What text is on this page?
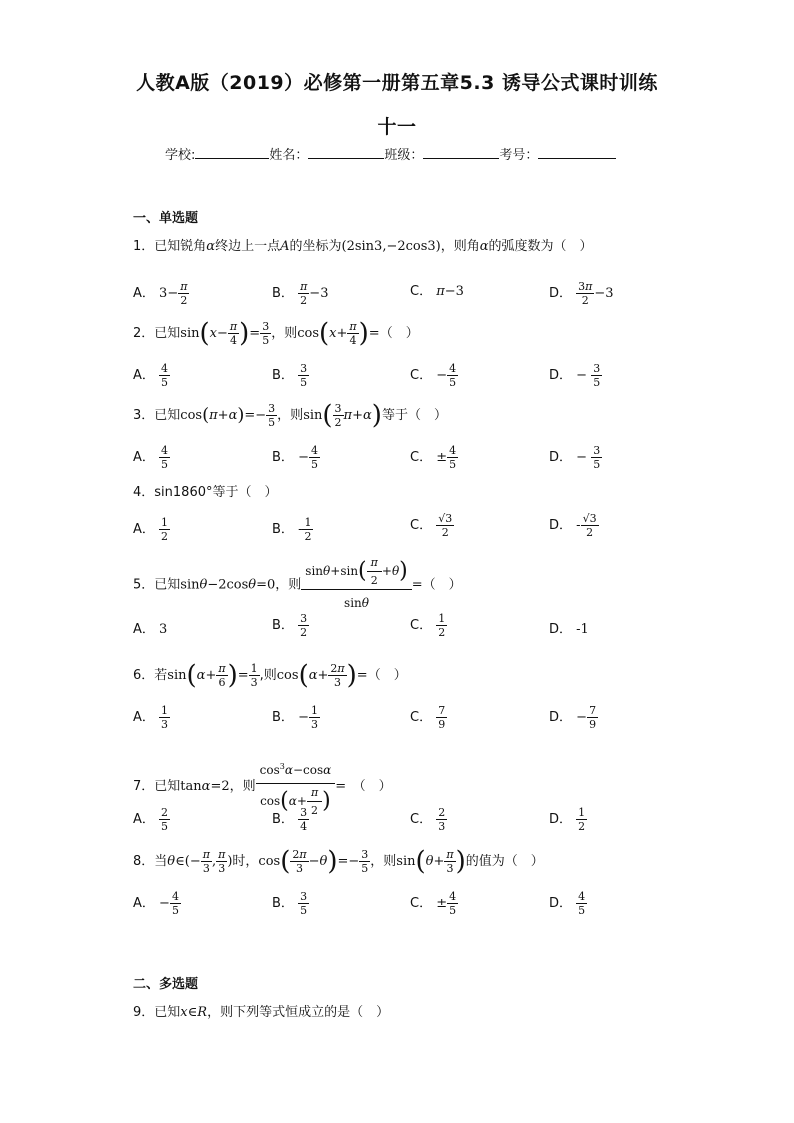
人教A版（2019）必修第一册第五章5.3 诱导公式课时训练
十一
学校:	姓名：	班级：	考号：
一、单选题
1．已知锐角α终边上一点A的坐标为(2sin3,−2cos3)，则角α的弧度数为（　）
A． $3- \frac{\pi}{2}$	B． $\frac{\pi}{2} -3$	C． π−3	D． $\frac{3\pi}{2} -3$
2．已知$\sin(x- \frac{\pi}{4}$ )= $\frac{3}{5}$ ，则$\cos(x+ \frac{\pi}{4}$ )=（　）
A． $\frac{4}{5}$	B． $\frac{3}{5}$	C． − $\frac{4}{5}$	D． − $\frac{3}{5}$
3．已知$\cos(\pi+\alpha)=- \frac{3}{5}$ ，则$\sin( \frac{3}{2} \pi+\alpha)$等于（　）
A． $\frac{4}{5}$	B． − $\frac{4}{5}$	C． ± $\frac{4}{5}$	D． − $\frac{3}{5}$
4．sin1860°等于（　）
A． $\frac{1}{2}$	B． - $\frac{1}{2}$	C． $\frac{√3}{2}$	D． - $\frac{√3}{2}$
5．已知sinθ−2cosθ=0，则 $\frac{\sin\theta+\sin( \frac{\pi}{2} +\theta)}{\sin\theta}$ =（　）
A． 3	B． $\frac{3}{2}$	C． $\frac{1}{2}$	D． -1
6．若$\sin(\alpha+ \frac{\pi}{6}$ )= $\frac{1}{3}$ ,则$\cos(\alpha+ \frac{2\pi}{3}$ )=（　）
A． $\frac{1}{3}$	B． − $\frac{1}{3}$	C． $\frac{7}{9}$	D． − $\frac{7}{9}$
7．已知tanα=2，则 $\frac{\cos^3\alpha-\cos\alpha}{\cos(\alpha+ \frac{\pi}{2} )}$ =　 （　）
A． $\frac{2}{5}$	B． $\frac{3}{4}$	C． $\frac{2}{3}$	D． $\frac{1}{2}$
8．当θ∈(− $\frac{\pi}{3}$ , $\frac{\pi}{3}$ )时，$\cos( \frac{2\pi}{3} -\theta)=- \frac{3}{5}$ ，则$\sin(\theta+ \frac{\pi}{3}$ )的值为（　）
A． − $\frac{4}{5}$	B． $\frac{3}{5}$	C． ± $\frac{4}{5}$	D． $\frac{4}{5}$
二、多选题
9．已知x∈R，则下列等式恒成立的是（　）
